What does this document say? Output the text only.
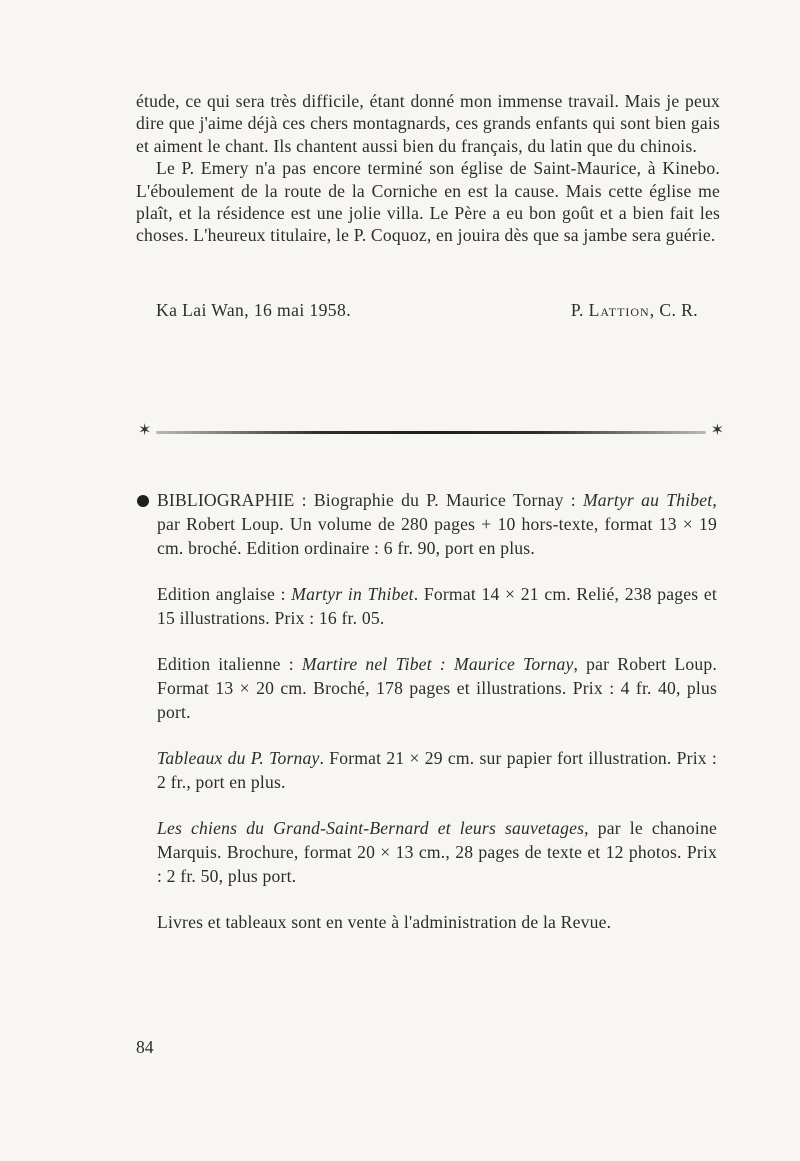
étude, ce qui sera très difficile, étant donné mon immense travail. Mais je peux dire que j'aime déjà ces chers montagnards, ces grands enfants qui sont bien gais et aiment le chant. Ils chantent aussi bien du français, du latin que du chinois.

Le P. Emery n'a pas encore terminé son église de Saint-Maurice, à Kinebo. L'éboulement de la route de la Corniche en est la cause. Mais cette église me plaît, et la résidence est une jolie villa. Le Père a eu bon goût et a bien fait les choses. L'heureux titulaire, le P. Coquoz, en jouira dès que sa jambe sera guérie.

Ka Lai Wan, 16 mai 1958.	P. Lattion, C. R.
✶	✶

BIBLIOGRAPHIE : Biographie du P. Maurice Tornay : Martyr au Thibet, par Robert Loup. Un volume de 280 pages + 10 hors-texte, format 13 × 19 cm. broché. Edition ordinaire : 6 fr. 90, port en plus.

Edition anglaise : Martyr in Thibet. Format 14 × 21 cm. Relié, 238 pages et 15 illustrations. Prix : 16 fr. 05.

Edition italienne : Martire nel Tibet : Maurice Tornay, par Robert Loup. Format 13 × 20 cm. Broché, 178 pages et illustrations. Prix : 4 fr. 40, plus port.

Tableaux du P. Tornay. Format 21 × 29 cm. sur papier fort illustration. Prix : 2 fr., port en plus.

Les chiens du Grand-Saint-Bernard et leurs sauvetages, par le chanoine Marquis. Brochure, format 20 × 13 cm., 28 pages de texte et 12 photos. Prix : 2 fr. 50, plus port.

Livres et tableaux sont en vente à l'administration de la Revue.

84
